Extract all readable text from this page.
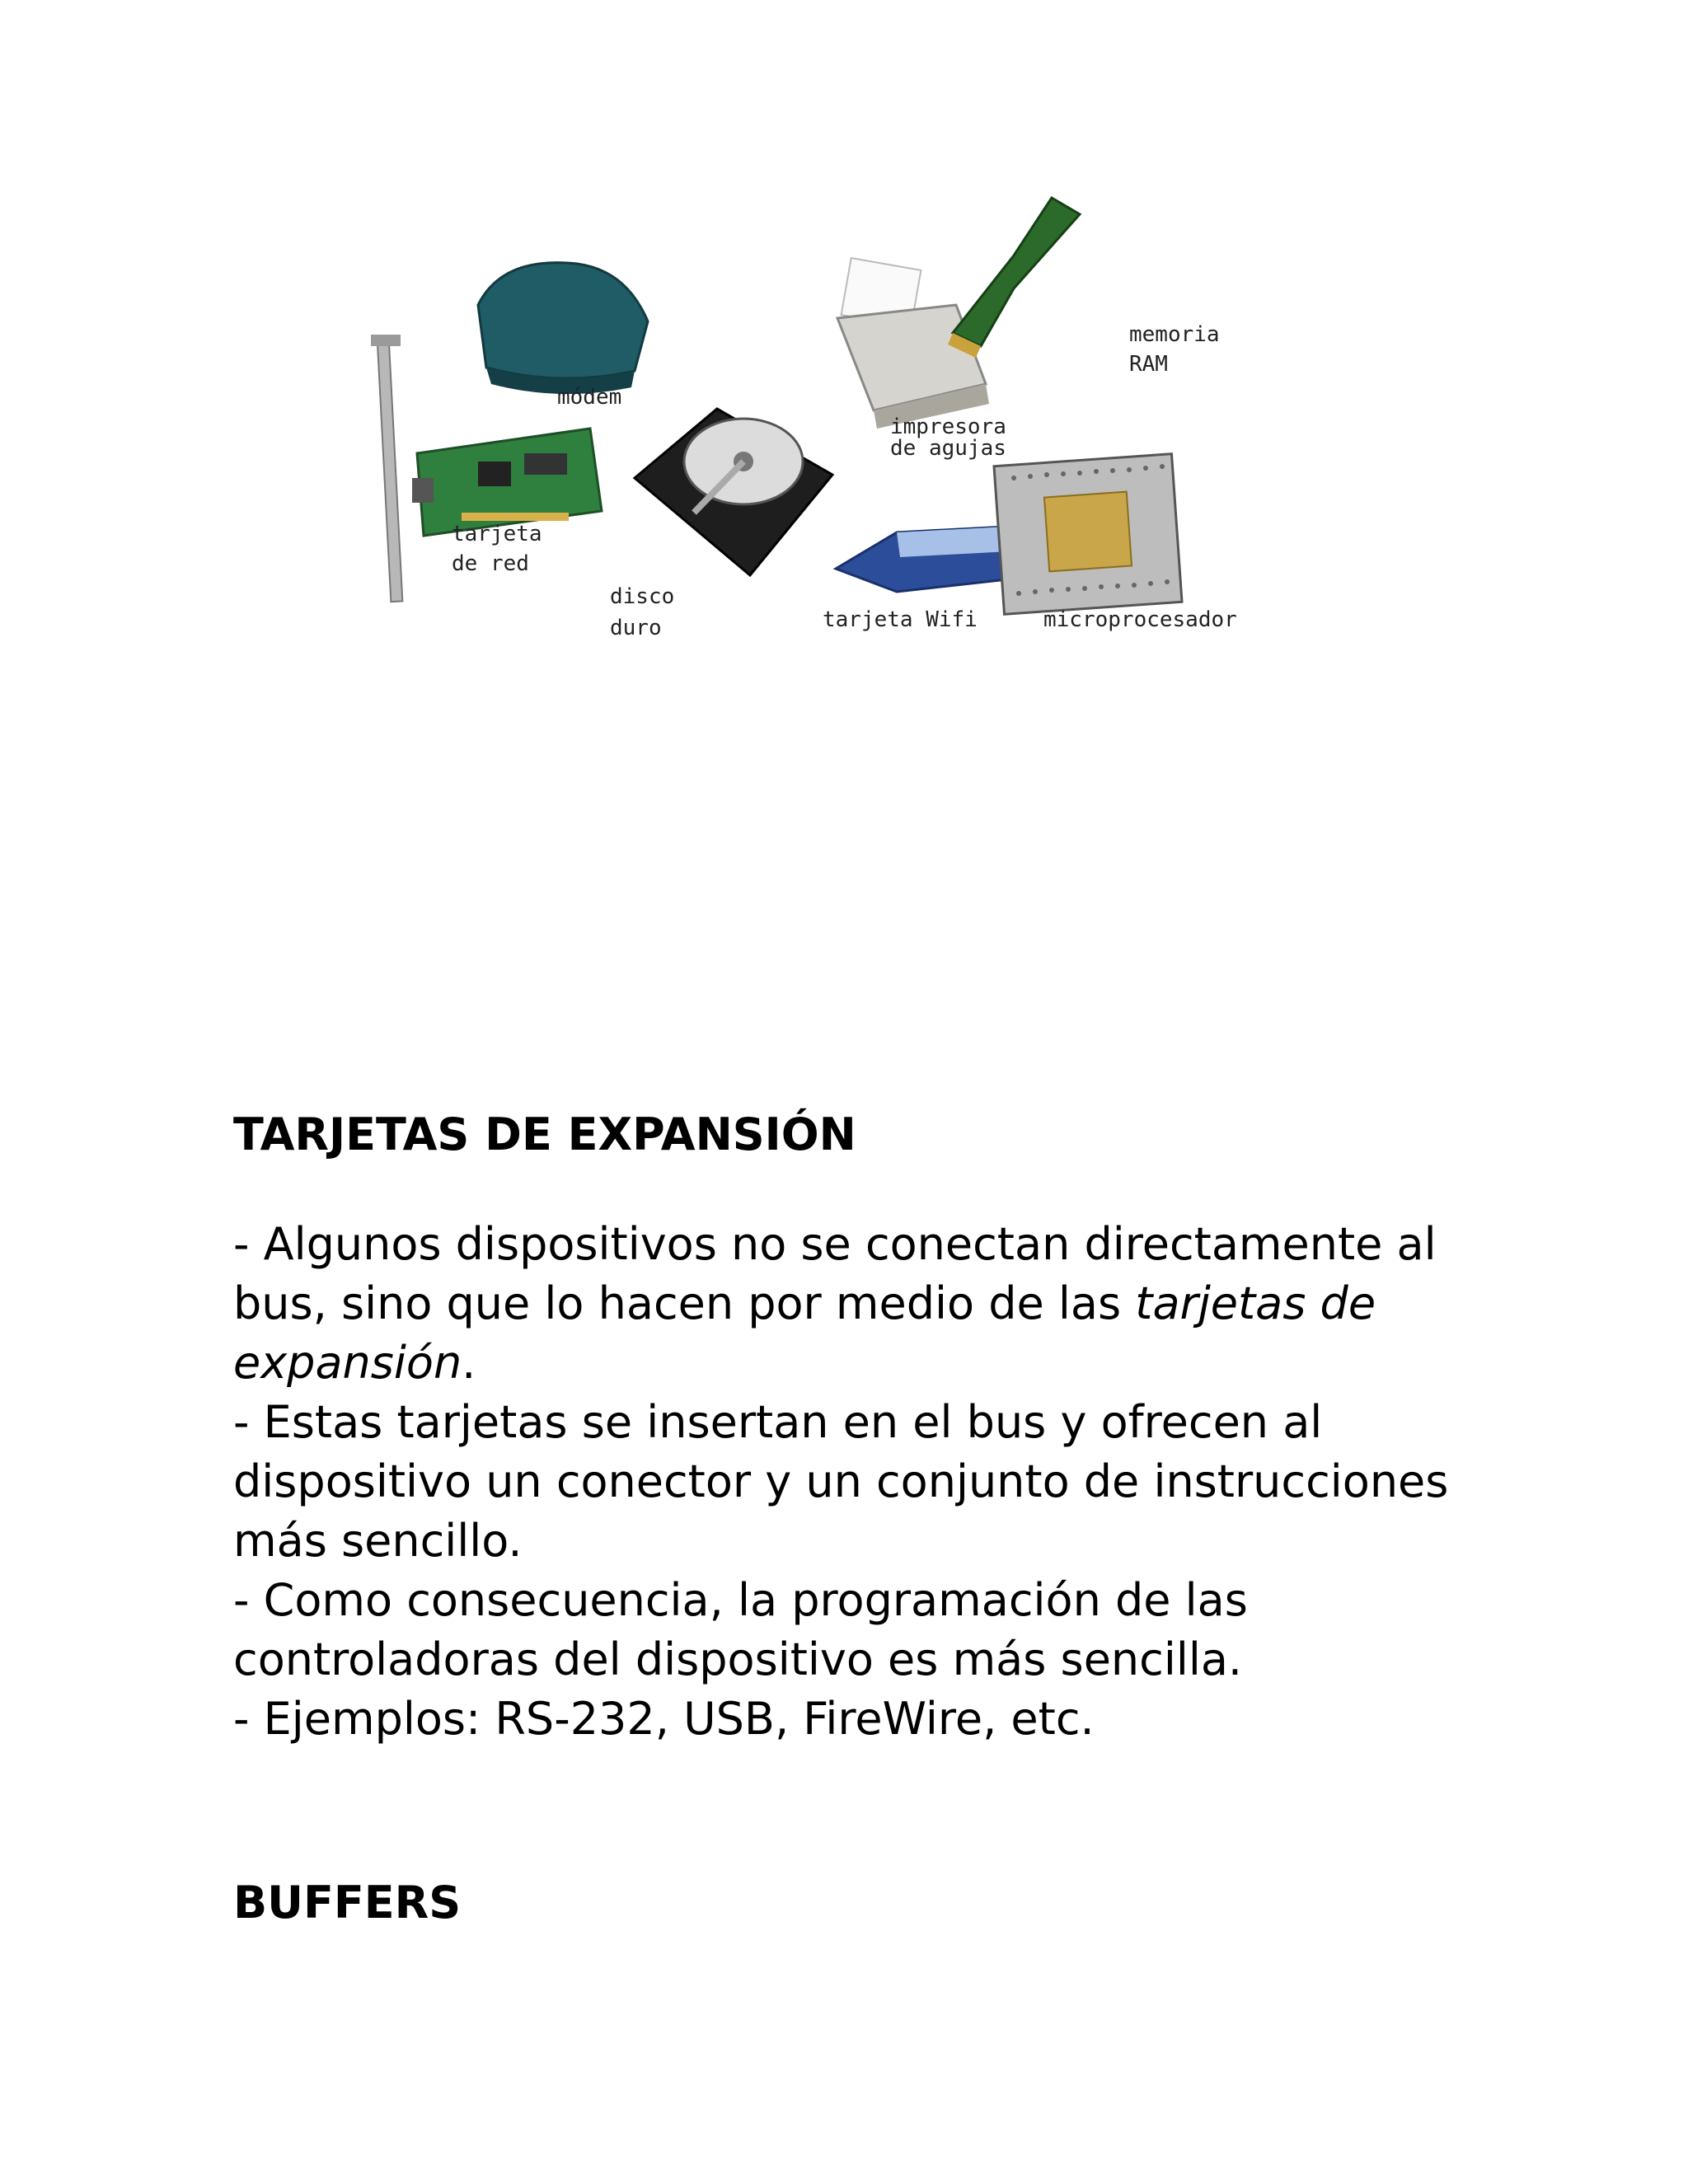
módem
tarjeta
de red
disco
duro
impresora
de agujas
memoria
RAM
tarjeta Wifi	microprocesador
TARJETAS DE EXPANSIÓN

- Algunos dispositivos no se conectan directamente al bus, sino que lo hacen por medio de las tarjetas de expansión.

- Estas tarjetas se insertan en el bus y ofrecen al dispositivo un conector y un conjunto de instrucciones más sencillo.

- Como consecuencia, la programación de las controladoras del dispositivo es más sencilla.

- Ejemplos: RS-232, USB, FireWire, etc.

BUFFERS
